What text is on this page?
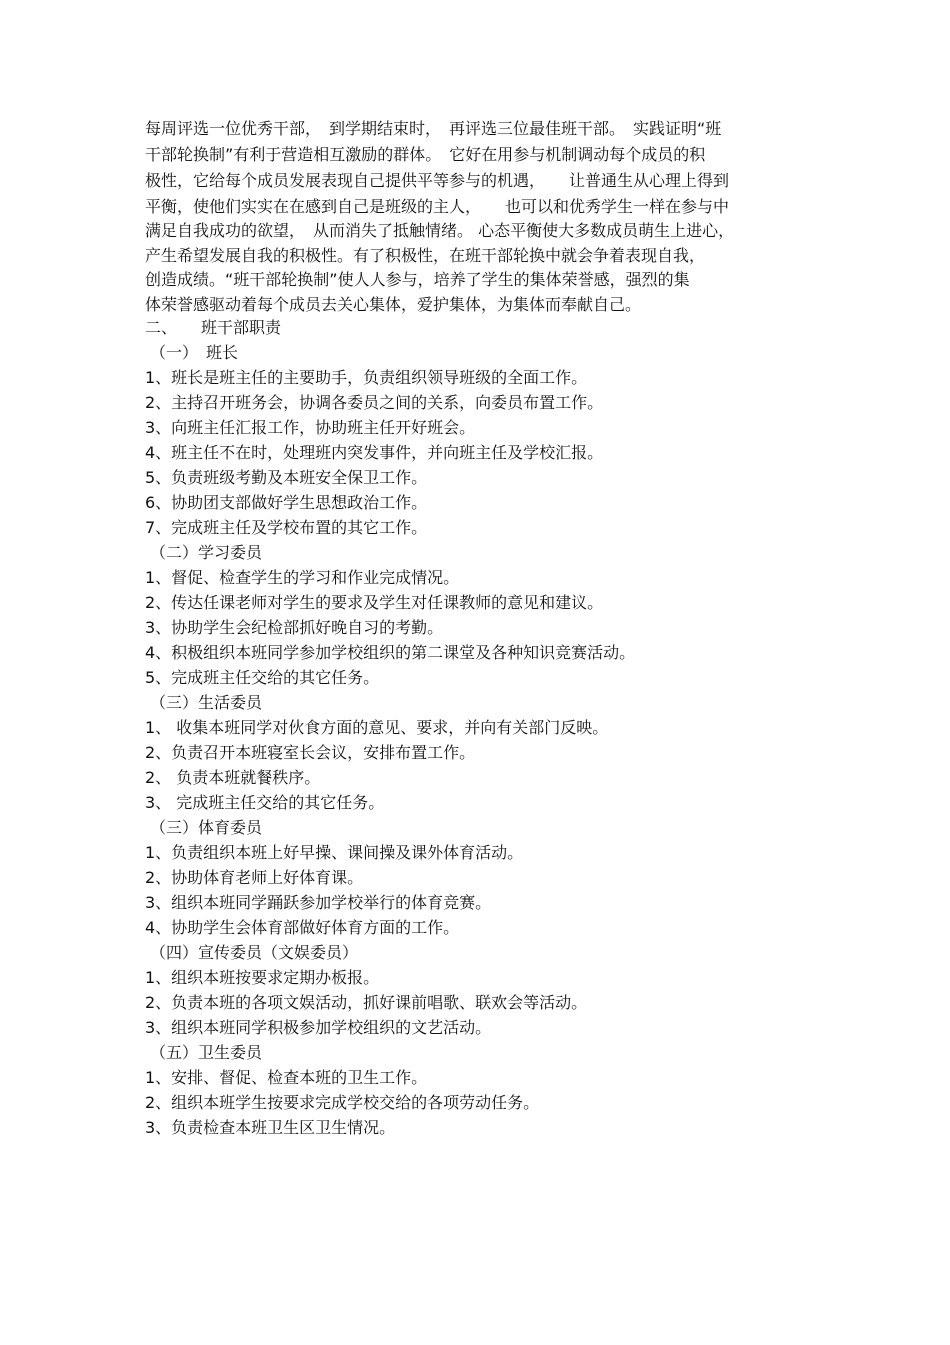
每周评选一位优秀干部，　到学期结束时，　再评选三位最佳班干部。　实践证明“班
干部轮换制”有利于营造相互激励的群体。　它好在用参与机制调动每个成员的积
极性，它给每个成员发展表现自己提供平等参与的机遇，　　让普通生从心理上得到
平衡，使他们实实在在感到自己是班级的主人，　　也可以和优秀学生一样在参与中
满足自我成功的欲望，　从而消失了抵触情绪。 心态平衡使大多数成员萌生上进心，
产生希望发展自我的积极性。有了积极性，在班干部轮换中就会争着表现自我，
创造成绩。“班干部轮换制”使人人参与，培养了学生的集体荣誉感，强烈的集
体荣誉感驱动着每个成员去关心集体，爱护集体，为集体而奉献自己。
二、　　班干部职责
（一）　班长
1、班长是班主任的主要助手，负责组织领导班级的全面工作。
2、主持召开班务会，协调各委员之间的关系，向委员布置工作。
3、向班主任汇报工作，协助班主任开好班会。
4、班主任不在时，处理班内突发事件，并向班主任及学校汇报。
5、负责班级考勤及本班安全保卫工作。
6、协助团支部做好学生思想政治工作。
7、完成班主任及学校布置的其它工作。
（二）学习委员
1、督促、检查学生的学习和作业完成情况。
2、传达任课老师对学生的要求及学生对任课教师的意见和建议。
3、协助学生会纪检部抓好晚自习的考勤。
4、积极组织本班同学参加学校组织的第二课堂及各种知识竞赛活动。
5、完成班主任交给的其它任务。
（三）生活委员
1、 收集本班同学对伙食方面的意见、要求，并向有关部门反映。
2、负责召开本班寝室长会议，安排布置工作。
2、 负责本班就餐秩序。
3、 完成班主任交给的其它任务。
（三）体育委员
1、负责组织本班上好早操、课间操及课外体育活动。
2、协助体育老师上好体育课。
3、组织本班同学踊跃参加学校举行的体育竞赛。
4、协助学生会体育部做好体育方面的工作。
（四）宣传委员（文娱委员）
1、组织本班按要求定期办板报。
2、负责本班的各项文娱活动，抓好课前唱歌、联欢会等活动。
3、组织本班同学积极参加学校组织的文艺活动。
（五）卫生委员
1、安排、督促、检查本班的卫生工作。
2、组织本班学生按要求完成学校交给的各项劳动任务。
3、负责检查本班卫生区卫生情况。
